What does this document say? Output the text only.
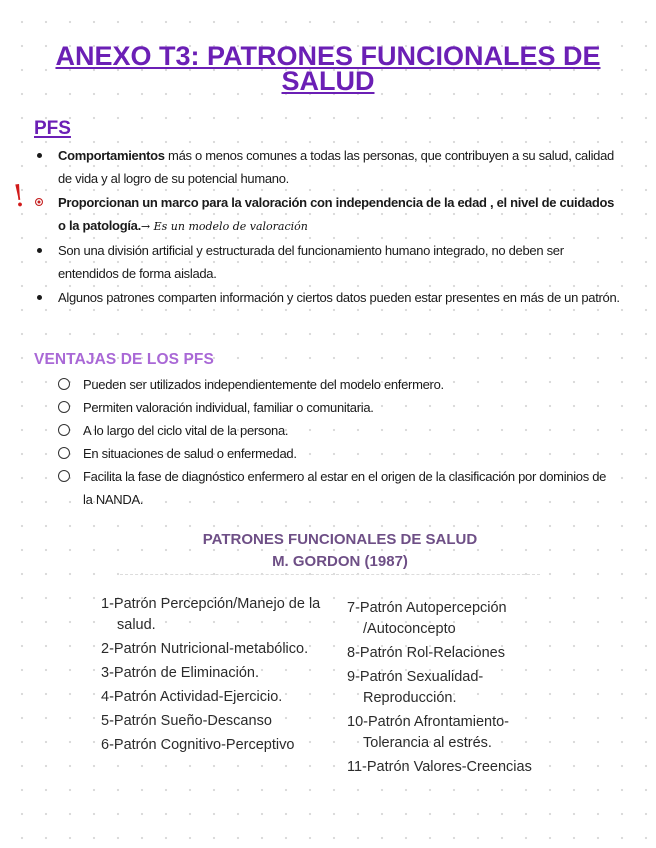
ANEXO T3: PATRONES FUNCIONALES DE SALUD
PFS
!
Comportamientos más o menos comunes a todas las personas, que contribuyen a su salud, calidad de vida y al logro de su potencial humano.
Proporcionan un marco para la valoración con independencia de la edad , el nivel de cuidados o la patología.→ Es un modelo de valoración
Son una división artificial y estructurada del funcionamiento humano integrado, no deben ser entendidos de forma aislada.
Algunos patrones comparten información y ciertos datos pueden estar presentes en más de un patrón.
VENTAJAS DE LOS PFS
Pueden ser utilizados independientemente del modelo enfermero.
Permiten valoración individual, familiar o comunitaria.
A lo largo del ciclo vital de la persona.
En situaciones de salud o enfermedad.
Facilita la fase de diagnóstico enfermero al estar en el origen de la clasificación por dominios de la NANDA.
PATRONES FUNCIONALES DE SALUD
M. GORDON (1987)
1-Patrón Percepción/Manejo de la salud.
2-Patrón Nutricional-metabólico.
3-Patrón de Eliminación.
4-Patrón Actividad-Ejercicio.
5-Patrón Sueño-Descanso
6-Patrón Cognitivo-Perceptivo
7-Patrón Autopercepción /Autoconcepto
8-Patrón Rol-Relaciones
9-Patrón Sexualidad-Reproducción.
10-Patrón Afrontamiento-Tolerancia al estrés.
11-Patrón Valores-Creencias
